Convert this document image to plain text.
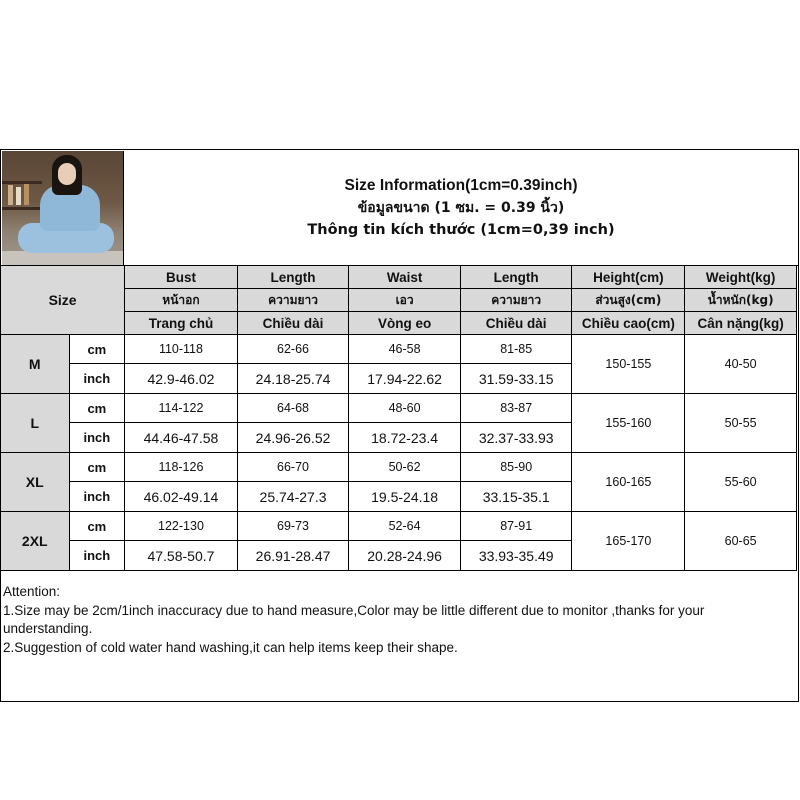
Size Information(1cm=0.39inch)
ข้อมูลขนาด (1 ซม. = 0.39 นิ้ว)
Thông tin kích thước (1cm=0,39 inch)
Size		Bust	Length	Waist	Length	Height(cm)	Weight(kg)
		หน้าอก	ความยาว	เอว	ความยาว	ส่วนสูง(cm)	น้ำหนัก(kg)
		Trang chủ	Chiều dài	Vòng eo	Chiều dài	Chiều cao(cm)	Cân nặng(kg)
M	cm	110-118	62-66	46-58	81-85	150-155	40-50
	inch	42.9-46.02	24.18-25.74	17.94-22.62	31.59-33.15		
L	cm	114-122	64-68	48-60	83-87	155-160	50-55
	inch	44.46-47.58	24.96-26.52	18.72-23.4	32.37-33.93		
XL	cm	118-126	66-70	50-62	85-90	160-165	55-60
	inch	46.02-49.14	25.74-27.3	19.5-24.18	33.15-35.1		
2XL	cm	122-130	69-73	52-64	87-91	165-170	60-65
	inch	47.58-50.7	26.91-28.47	20.28-24.96	33.93-35.49		

Attention:

1.Size may be 2cm/1inch inaccuracy due to hand measure,Color may be little different due to monitor ,thanks for your understanding.

2.Suggestion of cold water hand washing,it can help items keep their shape.
